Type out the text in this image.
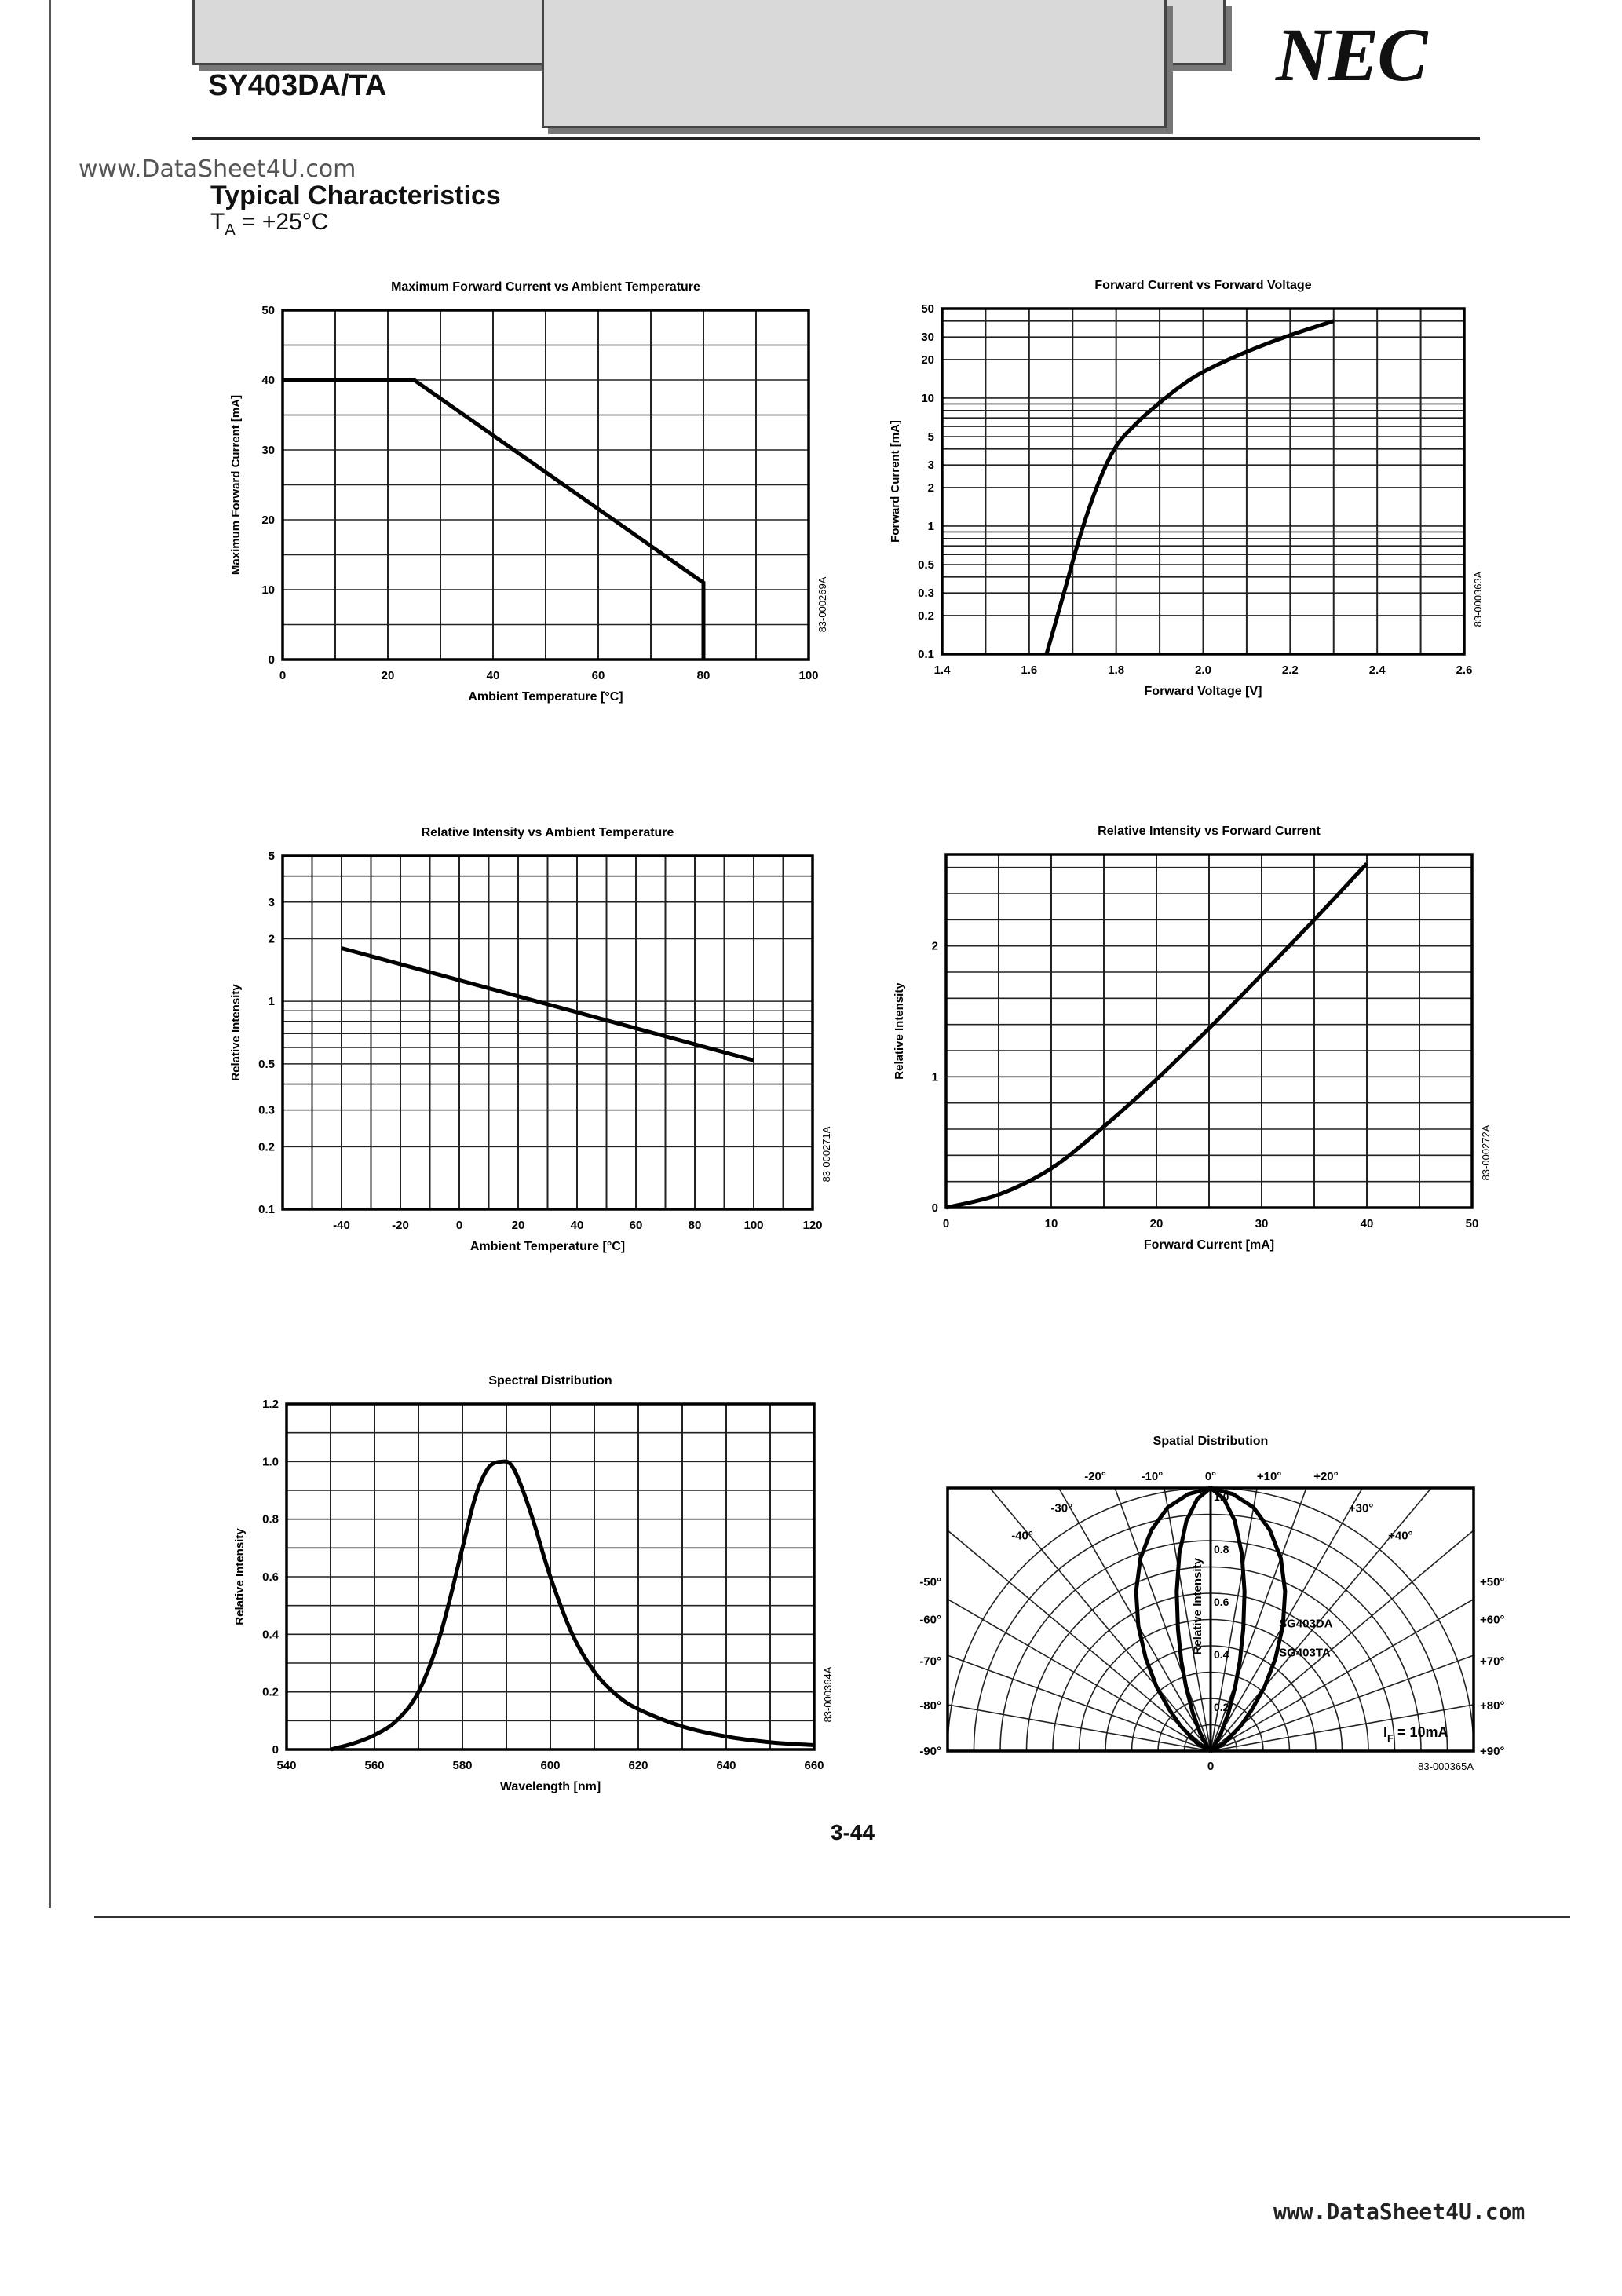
SY403DA/TA	NEC
www.DataSheet4U.com
Typical Characteristics
$T_A = +25^\circ C$
0	20	40	60	80	100
0
10
20
30
40
50
Maximum Forward Current vs Ambient Temperature
Ambient Temperature [°C]
Maximum Forward Current [mA]
83-000269A
1.4	1.6	1.8	2.0	2.2	2.4	2.6
0.1
0.2
0.3
0.5
1
2
3
5
10
20
30
50
Forward Current vs Forward Voltage
Forward Voltage [V]
Forward Current [mA]
83-000363A
-40	-20	0	20	40	60	80	100	120
0.1
0.2
0.3
0.5
1
2
3
5
Relative Intensity vs Ambient Temperature
Ambient Temperature [°C]
Relative Intensity
83-000271A
0	10	20	30	40	50
0
1
2
Relative Intensity vs Forward Current
Forward Current [mA]
Relative Intensity
83-000272A
540	560	580	600	620	640	660
0
0.2
0.4
0.6
0.8
1.0
1.2
Spectral Distribution
Wavelength [nm]
Relative Intensity
83-000364A	0.2
0.4
0.6
0.8
1.0
-90°
-80°
-70°
-60°
-50°
-40°
-30°
-20°	-10°	0°	+10°	+20°
+30°
+40°
+50°
+60°
+70°
+80°
+90°
SG403DA
SG403TA
Spatial Distribution
Relative Intensity
0
$I_F = 10mA$
83-000365A
3-44
www.DataSheet4U.com
